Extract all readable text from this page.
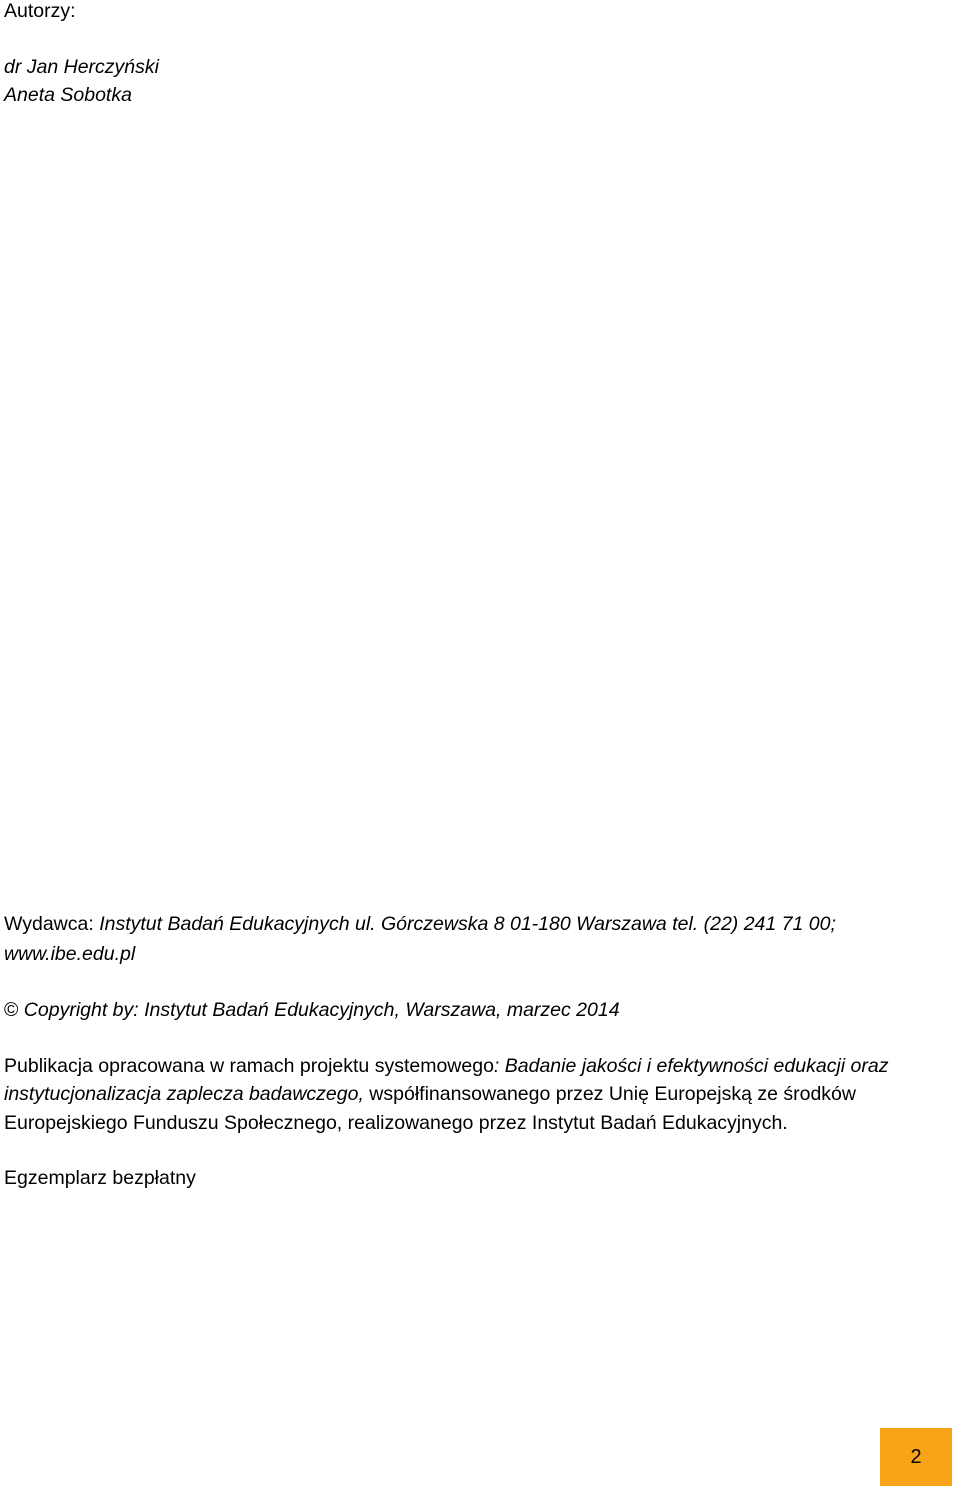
Autorzy:
dr Jan Herczyński
Aneta Sobotka
Wydawca: Instytut Badań Edukacyjnych ul. Górczewska 8 01-180 Warszawa tel. (22) 241 71 00;
www.ibe.edu.pl
© Copyright by: Instytut Badań Edukacyjnych, Warszawa, marzec 2014
Publikacja opracowana w ramach projektu systemowego: Badanie jakości i efektywności edukacji oraz
instytucjonalizacja zaplecza badawczego, współfinansowanego przez Unię Europejską ze środków
Europejskiego Funduszu Społecznego, realizowanego przez Instytut Badań Edukacyjnych.
Egzemplarz bezpłatny
2
